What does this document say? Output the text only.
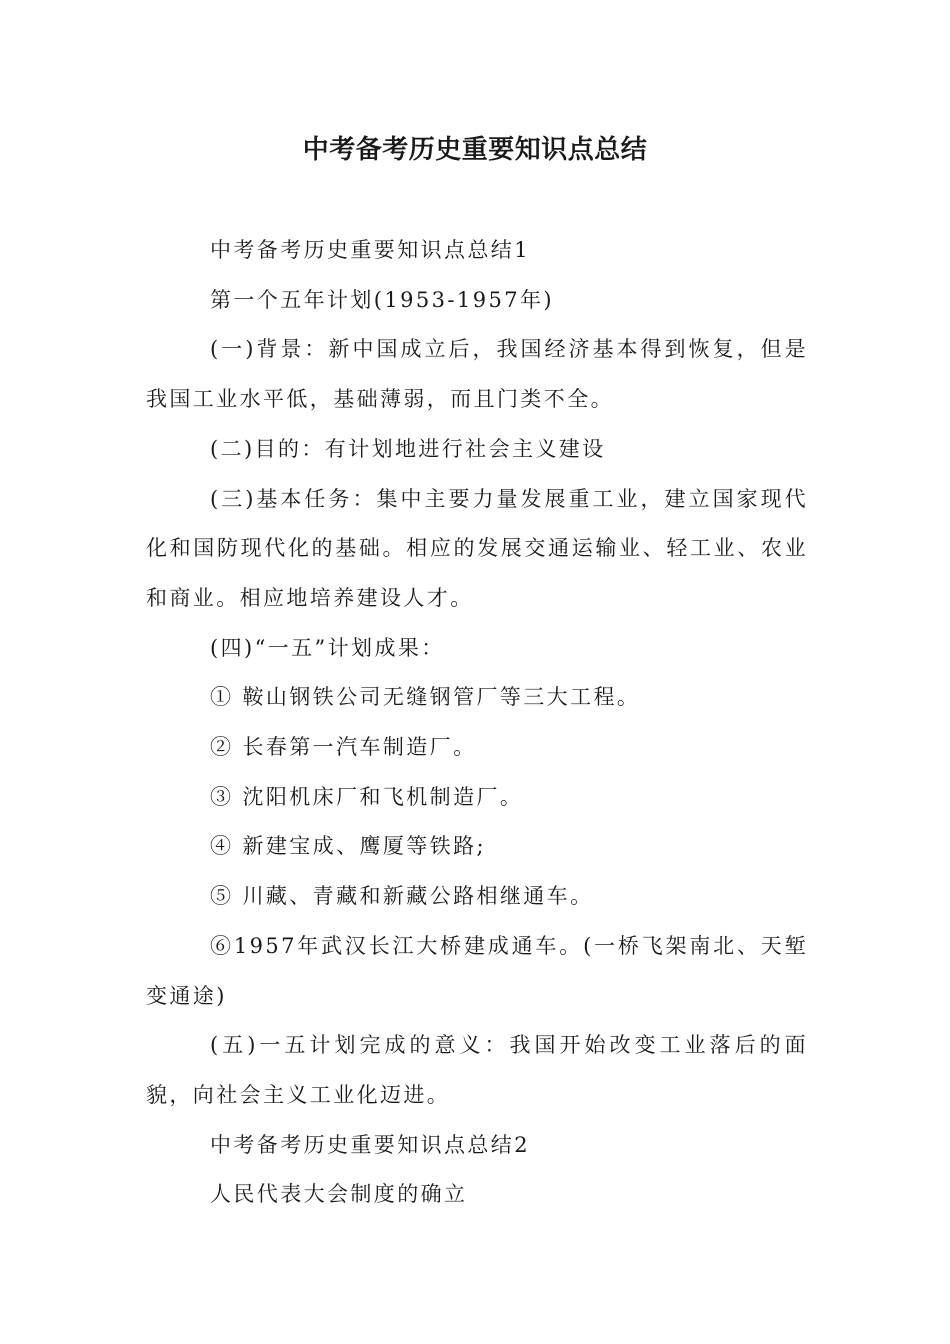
中考备考历史重要知识点总结

中考备考历史重要知识点总结1

第一个五年计划(1953-1957年)

(一)背景：新中国成立后，我国经济基本得到恢复，但是我国工业水平低，基础薄弱，而且门类不全。

(二)目的：有计划地进行社会主义建设

(三)基本任务：集中主要力量发展重工业，建立国家现代化和国防现代化的基础。相应的发展交通运输业、轻工业、农业和商业。相应地培养建设人才。

(四)“一五”计划成果：

① 鞍山钢铁公司无缝钢管厂等三大工程。

② 长春第一汽车制造厂。

③ 沈阳机床厂和飞机制造厂。

④ 新建宝成、鹰厦等铁路;

⑤ 川藏、青藏和新藏公路相继通车。

⑥1957年武汉长江大桥建成通车。(一桥飞架南北、天堑变通途)

(五)一五计划完成的意义：我国开始改变工业落后的面貌，向社会主义工业化迈进。

中考备考历史重要知识点总结2

人民代表大会制度的确立
